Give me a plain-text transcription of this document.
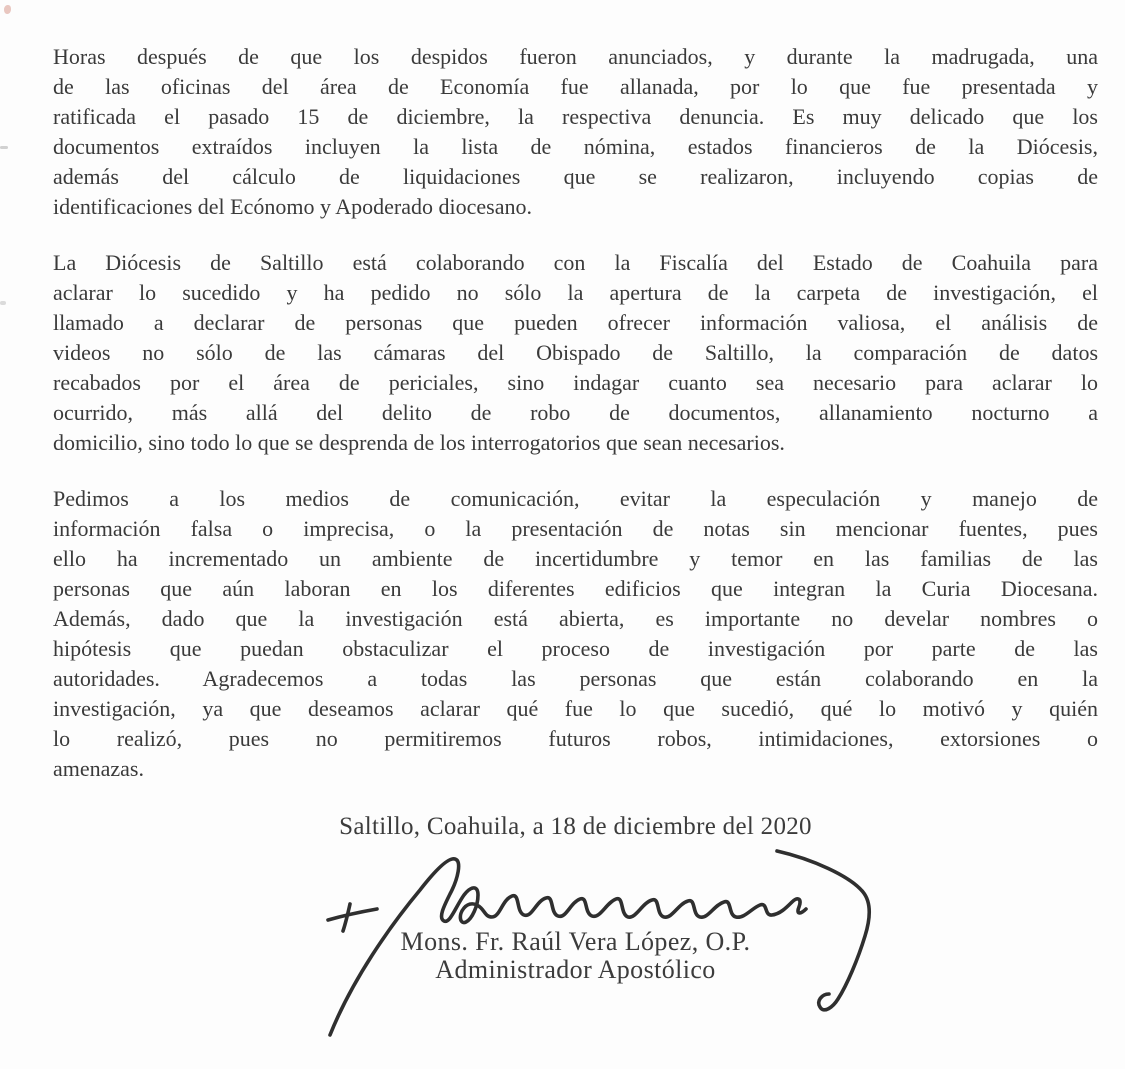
Horas después de que los despidos fueron anunciados, y durante la madrugada, una
de las oficinas del área de Economía fue allanada, por lo que fue presentada y
ratificada el pasado 15 de diciembre, la respectiva denuncia. Es muy delicado que los
documentos extraídos incluyen la lista de nómina, estados financieros de la Diócesis,
además del cálculo de liquidaciones que se realizaron, incluyendo copias de
identificaciones del Ecónomo y Apoderado diocesano.
La Diócesis de Saltillo está colaborando con la Fiscalía del Estado de Coahuila para
aclarar lo sucedido y ha pedido no sólo la apertura de la carpeta de investigación, el
llamado a declarar de personas que pueden ofrecer información valiosa, el análisis de
videos no sólo de las cámaras del Obispado de Saltillo, la comparación de datos
recabados por el área de periciales, sino indagar cuanto sea necesario para aclarar lo
ocurrido, más allá del delito de robo de documentos, allanamiento nocturno a
domicilio, sino todo lo que se desprenda de los interrogatorios que sean necesarios.
Pedimos a los medios de comunicación, evitar la especulación y manejo de
información falsa o imprecisa, o la presentación de notas sin mencionar fuentes, pues
ello ha incrementado un ambiente de incertidumbre y temor en las familias de las
personas que aún laboran en los diferentes edificios que integran la Curia Diocesana.
Además, dado que la investigación está abierta, es importante no develar nombres o
hipótesis que puedan obstaculizar el proceso de investigación por parte de las
autoridades. Agradecemos a todas las personas que están colaborando en la
investigación, ya que deseamos aclarar qué fue lo que sucedió, qué lo motivó y quién
lo realizó, pues no permitiremos futuros robos, intimidaciones, extorsiones o
amenazas.
Saltillo, Coahuila, a 18 de diciembre del 2020
Mons. Fr. Raúl Vera López, O.P.
Administrador Apostólico
